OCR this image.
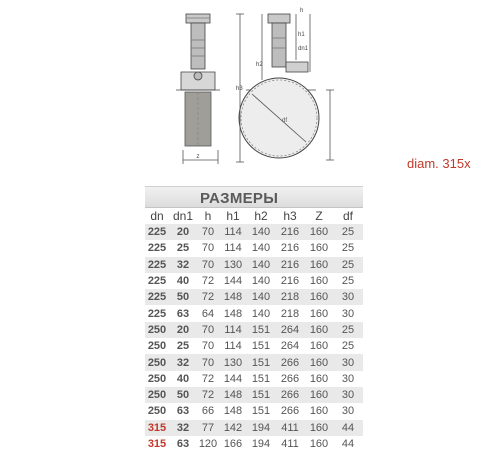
z
df
h3
h2
h
h1
dn1
diam. 315x
РАЗМЕРЫ
dn	dn1	h	h1	h2	h3	Z	df
225	20	70	114	140	216	160	25
225	25	70	114	140	216	160	25
225	32	70	130	140	216	160	25
225	40	72	144	140	216	160	25
225	50	72	148	140	218	160	30
225	63	64	148	140	218	160	30
250	20	70	114	151	264	160	25
250	25	70	114	151	264	160	25
250	32	70	130	151	266	160	30
250	40	72	144	151	266	160	30
250	50	72	148	151	266	160	30
250	63	66	148	151	266	160	30
315	32	77	142	194	411	160	44
315	63	120	166	194	411	160	44
